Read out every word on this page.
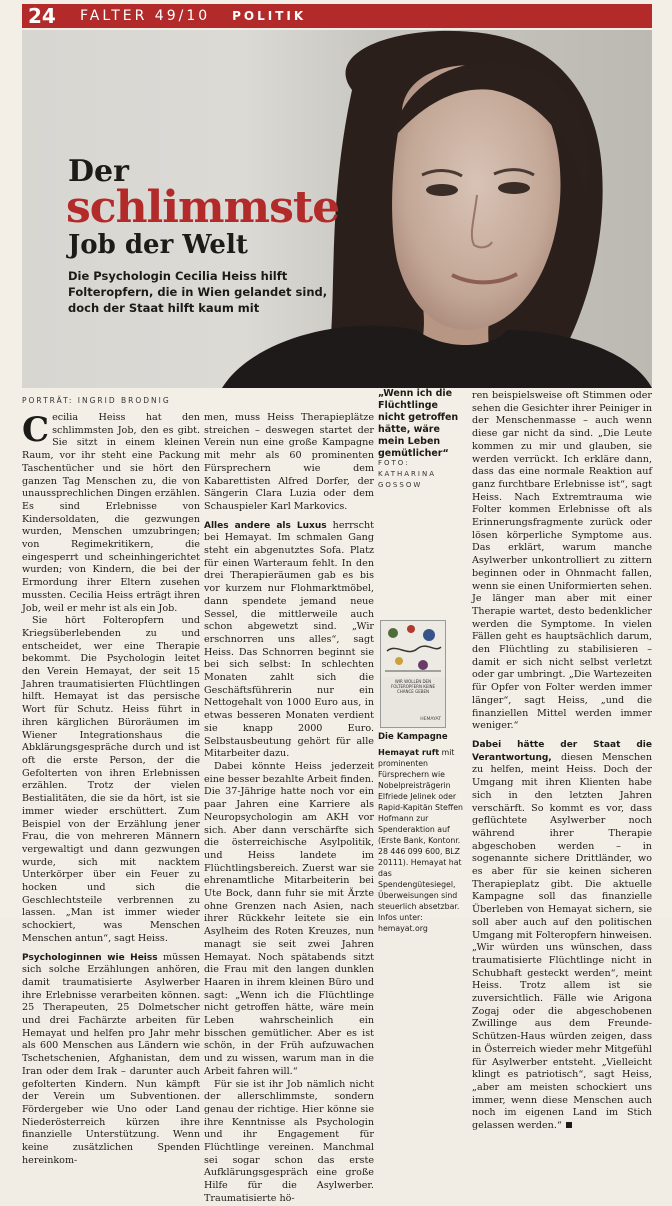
24	FALTER 49/10 POLITIK
Der
schlimmste
Job der Welt
Die Psychologin Cecilia Heiss hilft Folteropfern, die in Wien gelandet sind, doch der Staat hilft kaum mit
PORTRÄT: INGRID BRODNIG

Cecilia Heiss hat den schlimmsten Job, den es gibt. Sie sitzt in einem kleinen Raum, vor ihr steht eine Packung Taschentücher und sie hört den ganzen Tag Menschen zu, die von unaussprechlichen Dingen erzählen. Es sind Erlebnisse von Kindersoldaten, die gezwungen wurden, Menschen umzubringen; von Regimekritikern, die eingesperrt und scheinhingerichtet wurden; von Kindern, die bei der Ermordung ihrer Eltern zusehen mussten. Cecilia Heiss erträgt ihren Job, weil er mehr ist als ein Job.

Sie hört Folteropfern und Kriegsüberlebenden zu und entscheidet, wer eine Therapie bekommt. Die Psychologin leitet den Verein Hemayat, der seit 15 Jahren traumatisierten Flüchtlingen hilft. Hemayat ist das persische Wort für Schutz. Heiss führt in ihren kärglichen Büroräumen im Wiener Integrationshaus die Abklärungsgespräche durch und ist oft die erste Person, der die Gefolterten von ihren Erlebnissen erzählen. Trotz der vielen Bestialitäten, die sie da hört, ist sie immer wieder erschüttert. Zum Beispiel von der Erzählung jener Frau, die von mehreren Männern vergewaltigt und dann gezwungen wurde, sich mit nacktem Unterkörper über ein Feuer zu hocken und sich die Geschlechtsteile verbrennen zu lassen. „Man ist immer wieder schockiert, was Menschen Menschen antun“, sagt Heiss.

Psychologinnen wie Heiss müssen sich solche Erzählungen anhören, damit traumatisierte Asylwerber ihre Erlebnisse verarbeiten können. 25 Therapeuten, 25 Dolmetscher und drei Fachärzte arbeiten für Hemayat und helfen pro Jahr mehr als 600 Menschen aus Ländern wie Tschetschenien, Afghanistan, dem Iran oder dem Irak – darunter auch gefolterten Kindern. Nun kämpft der Verein um Subventionen. Fördergeber wie Uno oder Land Niederösterreich kürzen ihre finanzielle Unterstützung. Wenn keine zusätzlichen Spenden hereinkom-

men, muss Heiss Therapieplätze streichen – deswegen startet der Verein nun eine große Kampagne mit mehr als 60 prominenten Fürsprechern wie dem Kabarettisten Alfred Dorfer, der Sängerin Clara Luzia oder dem Schauspieler Karl Markovics.

Alles andere als Luxus herrscht bei Hemayat. Im schmalen Gang steht ein abgenutztes Sofa. Platz für einen Warteraum fehlt. In den drei Therapieräumen gab es bis vor kurzem nur Flohmarktmöbel, dann spendete jemand neue Sessel, die mittlerweile auch schon abgewetzt sind. „Wir erschnorren uns alles“, sagt Heiss. Das Schnorren beginnt sie bei sich selbst: In schlechten Monaten zahlt sich die Geschäftsführerin nur ein Nettogehalt von 1000 Euro aus, in etwas besseren Monaten verdient sie knapp 2000 Euro. Selbstausbeutung gehört für alle Mitarbeiter dazu.

Dabei könnte Heiss jederzeit eine besser bezahlte Arbeit finden. Die 37-Jährige hatte noch vor ein paar Jahren eine Karriere als Neuropsychologin am AKH vor sich. Aber dann verschärfte sich die österreichische Asylpolitik, und Heiss landete im Flüchtlingsbereich. Zuerst war sie ehrenamtliche Mitarbeiterin bei Ute Bock, dann fuhr sie mit Ärzte ohne Grenzen nach Asien, nach ihrer Rückkehr leitete sie ein Asylheim des Roten Kreuzes, nun managt sie seit zwei Jahren Hemayat. Noch spätabends sitzt die Frau mit den langen dunklen Haaren in ihrem kleinen Büro und sagt: „Wenn ich die Flüchtlinge nicht getroffen hätte, wäre mein Leben wahrscheinlich ein bisschen gemütlicher. Aber es ist schön, in der Früh aufzuwachen und zu wissen, warum man in die Arbeit fahren will.“

Für sie ist ihr Job nämlich nicht der allerschlimmste, sondern genau der richtige. Hier könne sie ihre Kenntnisse als Psychologin und ihr Engagement für Flüchtlinge vereinen. Manchmal sei sogar schon das erste Aufklärungsgespräch eine große Hilfe für die Asylwerber. Traumatisierte hö-

„Wenn ich die Flüchtlinge nicht getroffen hätte, wäre mein Leben gemütlicher“
FOTO: KATHARINA GOSSOW
WIR WOLLEN DEN FOLTEROPFERN KEINE CHANCE GEBEN
HEMAYAT
Die Kampagne
Hemayat ruft mit prominenten Fürsprechern wie Nobelpreisträgerin Elfriede Jelinek oder Rapid-Kapitän Steffen Hofmann zur Spenderaktion auf (Erste Bank, Kontonr. 28 446 099 600, BLZ 20111). Hemayat hat das Spendengütesiegel, Überweisungen sind steuerlich absetzbar. Infos unter: hemayat.org

ren beispielsweise oft Stimmen oder sehen die Gesichter ihrer Peiniger in der Menschenmasse – auch wenn diese gar nicht da sind. „Die Leute kommen zu mir und glauben, sie werden verrückt. Ich erkläre dann, dass das eine normale Reaktion auf ganz furchtbare Erlebnisse ist“, sagt Heiss. Nach Extremtrauma wie Folter kommen Erlebnisse oft als Erinnerungsfragmente zurück oder lösen körperliche Symptome aus. Das erklärt, warum manche Asylwerber unkontrolliert zu zittern beginnen oder in Ohnmacht fallen, wenn sie einen Uniformierten sehen. Je länger man aber mit einer Therapie wartet, desto bedenklicher werden die Symptome. In vielen Fällen geht es hauptsächlich darum, den Flüchtling zu stabilisieren – damit er sich nicht selbst verletzt oder gar umbringt. „Die Wartezeiten für Opfer von Folter werden immer länger“, sagt Heiss, „und die finanziellen Mittel werden immer weniger.“

Dabei hätte der Staat die Verantwortung, diesen Menschen zu helfen, meint Heiss. Doch der Umgang mit ihren Klienten habe sich in den letzten Jahren verschärft. So kommt es vor, dass geflüchtete Asylwerber noch während ihrer Therapie abgeschoben werden – in sogenannte sichere Drittländer, wo es aber für sie keinen sicheren Therapieplatz gibt. Die aktuelle Kampagne soll das finanzielle Überleben von Hemayat sichern, sie soll aber auch auf den politischen Umgang mit Folteropfern hinweisen. „Wir würden uns wünschen, dass traumatisierte Flüchtlinge nicht in Schubhaft gesteckt werden“, meint Heiss. Trotz allem ist sie zuversichtlich. Fälle wie Arigona Zogaj oder die abgeschobenen Zwillinge aus dem Freunde-Schützen-Haus würden zeigen, dass in Österreich wieder mehr Mitgefühl für Asylwerber entsteht. „Vielleicht klingt es patriotisch“, sagt Heiss, „aber am meisten schockiert uns immer, wenn diese Menschen auch noch im eigenen Land im Stich gelassen werden.“
